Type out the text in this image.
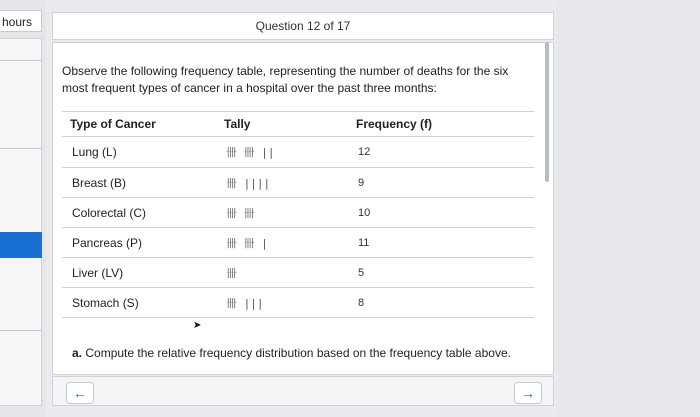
hours	Question 12 of 17
Observe the following frequency table, representing the number of deaths for the six most frequent types of cancer in a hospital over the past three months:
Type of Cancer	Tally	Frequency (f)
Lung (L)	卌 卌 ||	12
Breast (B)	卌 ||||	9
Colorectal (C)	卌 卌	10
Pancreas (P)	卌 卌 |	11
Liver (LV)	卌	5
Stomach (S)	卌 |||	8
➤
a. Compute the relative frequency distribution based on the frequency table above.
←	→
